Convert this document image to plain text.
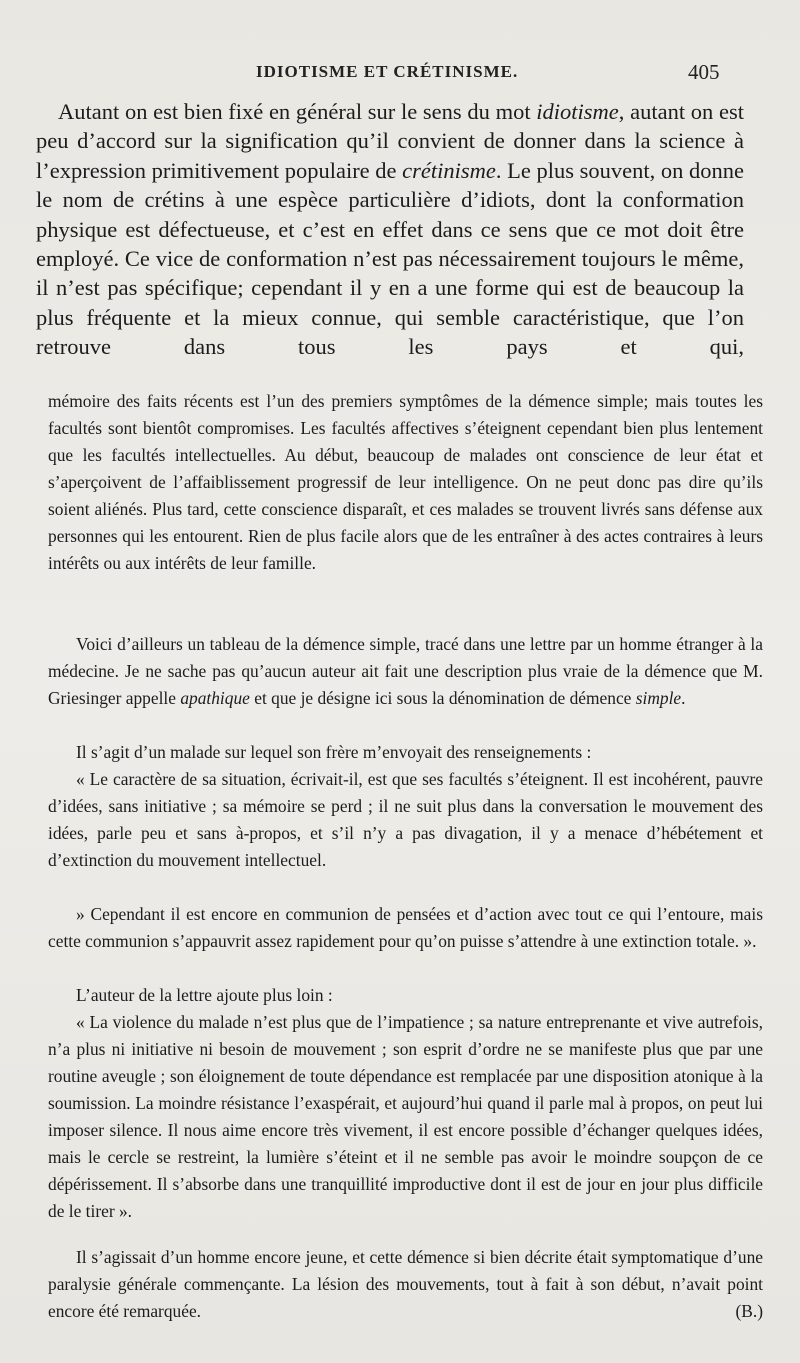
IDIOTISME ET CRÉTINISME.	405

Autant on est bien fixé en général sur le sens du mot idiotisme, autant on est peu d’accord sur la signification qu’il convient de donner dans la science à l’expression primitivement populaire de crétinisme. Le plus souvent, on donne le nom de crétins à une espèce particulière d’idiots, dont la conformation physique est défectueuse, et c’est en effet dans ce sens que ce mot doit être employé. Ce vice de conformation n’est pas nécessairement toujours le même, il n’est pas spécifique; cependant il y en a une forme qui est de beaucoup la plus fréquente et la mieux connue, qui semble caractéristique, que l’on retrouve dans tous les pays et qui,

mémoire des faits récents est l’un des premiers symptômes de la démence simple; mais toutes les facultés sont bientôt compromises. Les facultés affectives s’éteignent cependant bien plus lentement que les facultés intellectuelles. Au début, beaucoup de malades ont conscience de leur état et s’aperçoivent de l’affaiblissement progressif de leur intelligence. On ne peut donc pas dire qu’ils soient aliénés. Plus tard, cette conscience disparaît, et ces malades se trouvent livrés sans défense aux personnes qui les entourent. Rien de plus facile alors que de les entraîner à des actes contraires à leurs intérêts ou aux intérêts de leur famille.

Voici d’ailleurs un tableau de la démence simple, tracé dans une lettre par un homme étranger à la médecine. Je ne sache pas qu’aucun auteur ait fait une description plus vraie de la démence que M. Griesinger appelle apathique et que je désigne ici sous la dénomination de démence simple.

Il s’agit d’un malade sur lequel son frère m’envoyait des renseignements :

« Le caractère de sa situation, écrivait-il, est que ses facultés s’éteignent. Il est incohérent, pauvre d’idées, sans initiative ; sa mémoire se perd ; il ne suit plus dans la conversation le mouvement des idées, parle peu et sans à-propos, et s’il n’y a pas divagation, il y a menace d’hébétement et d’extinction du mouvement intellectuel.

» Cependant il est encore en communion de pensées et d’action avec tout ce qui l’entoure, mais cette communion s’appauvrit assez rapidement pour qu’on puisse s’attendre à une extinction totale. ».

L’auteur de la lettre ajoute plus loin :

« La violence du malade n’est plus que de l’impatience ; sa nature entreprenante et vive autrefois, n’a plus ni initiative ni besoin de mouvement ; son esprit d’ordre ne se manifeste plus que par une routine aveugle ; son éloignement de toute dépendance est remplacée par une disposition atonique à la soumission. La moindre résistance l’exaspérait, et aujourd’hui quand il parle mal à propos, on peut lui imposer silence. Il nous aime encore très vivement, il est encore possible d’échanger quelques idées, mais le cercle se restreint, la lumière s’éteint et il ne semble pas avoir le moindre soupçon de ce dépérissement. Il s’absorbe dans une tranquillité improductive dont il est de jour en jour plus difficile de le tirer ».

Il s’agissait d’un homme encore jeune, et cette démence si bien décrite était symptomatique d’une paralysie générale commençante. La lésion des mouvements, tout à fait à son début, n’avait point encore été remarquée.	(B.)
